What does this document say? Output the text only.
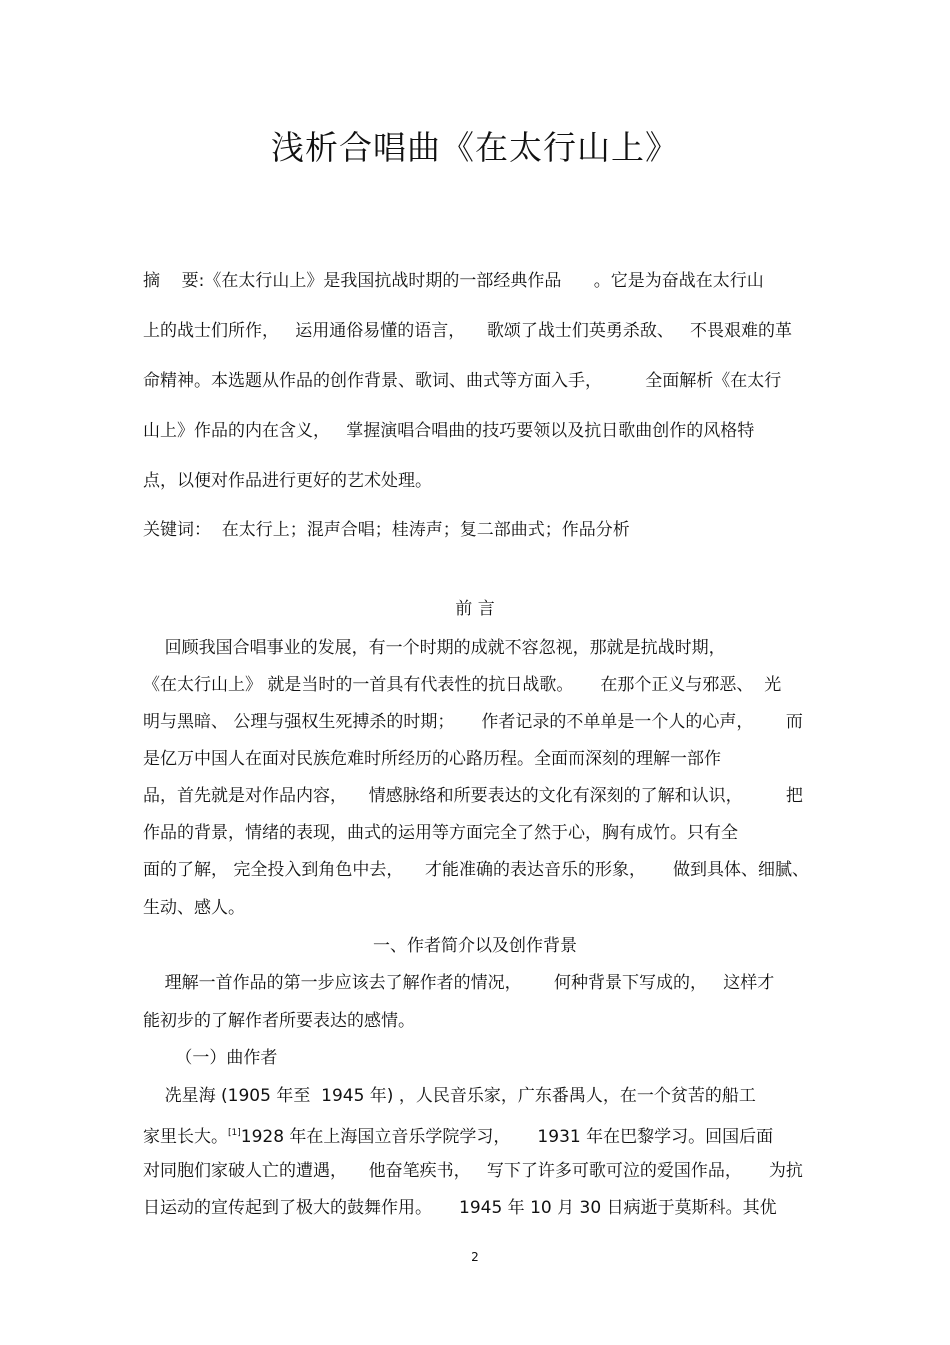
浅析合唱曲《在太行山上》
摘    要:《在太行山上》是我国抗战时期的一部经典作品      。它是为奋战在太行山
上的战士们所作，   运用通俗易懂的语言，    歌颂了战士们英勇杀敌、   不畏艰难的革
命精神。本选题从作品的创作背景、歌词、曲式等方面入手，        全面解析《在太行
山上》作品的内在含义，   掌握演唱合唱曲的技巧要领以及抗日歌曲创作的风格特
点，以便对作品进行更好的艺术处理。
关键词：  在太行上；混声合唱；桂涛声；复二部曲式；作品分析
前 言
回顾我国合唱事业的发展，有一个时期的成就不容忽视，那就是抗战时期，
《在太行山上》 就是当时的一首具有代表性的抗日战歌。     在那个正义与邪恶、  光
明与黑暗、 公理与强权生死搏杀的时期；     作者记录的不单单是一个人的心声，      而
是亿万中国人在面对民族危难时所经历的心路历程。全面而深刻的理解一部作
品，首先就是对作品内容，    情感脉络和所要表达的文化有深刻的了解和认识，        把
作品的背景，情绪的表现，曲式的运用等方面完全了然于心，胸有成竹。只有全
面的了解， 完全投入到角色中去，    才能准确的表达音乐的形象，     做到具体、细腻、
生动、感人。
一、作者简介以及创作背景
理解一首作品的第一步应该去了解作者的情况，      何种背景下写成的，   这样才
能初步的了解作者所要表达的感情。
（一）曲作者
冼星海 (1905 年至  1945 年) ，人民音乐家，广东番禺人，在一个贫苦的船工
家里长大。[1]1928 年在上海国立音乐学院学习，     1931 年在巴黎学习。回国后面
对同胞们家破人亡的遭遇，    他奋笔疾书，   写下了许多可歌可泣的爱国作品，     为抗
日运动的宣传起到了极大的鼓舞作用。     1945 年 10 月 30 日病逝于莫斯科。其优
2
